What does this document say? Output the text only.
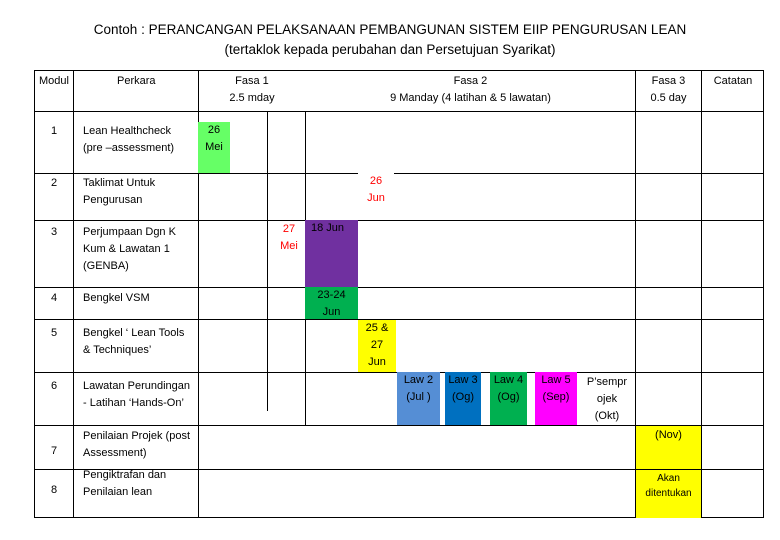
Contoh : PERANCANGAN PELAKSANAAN PEMBANGUNAN SISTEM EIIP PENGURUSAN LEAN
(tertaklok kepada perubahan dan Persetujuan Syarikat)
Modul	Perkara	Fasa 1
2.5 mday
Fasa 2
9 Manday (4 latihan & 5 lawatan)
Fasa 3
0.5 day
Catatan
1
2
3
4
5
6
7
8
Lean Healthcheck
(pre –assessment)
Taklimat Untuk
Pengurusan
Perjumpaan Dgn K
Kum & Lawatan 1
(GENBA)
Bengkel VSM
Bengkel ‘ Lean Tools
& Techniques’
Lawatan Perundingan
- Latihan ‘Hands-On’
Penilaian Projek (post
Assessment)
Pengiktrafan dan
Penilaian lean
26
Mei
26
Jun
27
Mei
18 Jun
23-24
Jun
25 &
27
Jun
Law 2
(Jul )
Law 3
(Og)
Law 4
(Og)
Law 5
(Sep)
P’sempr
ojek
(Okt)
(Nov)
Akan
ditentukan
